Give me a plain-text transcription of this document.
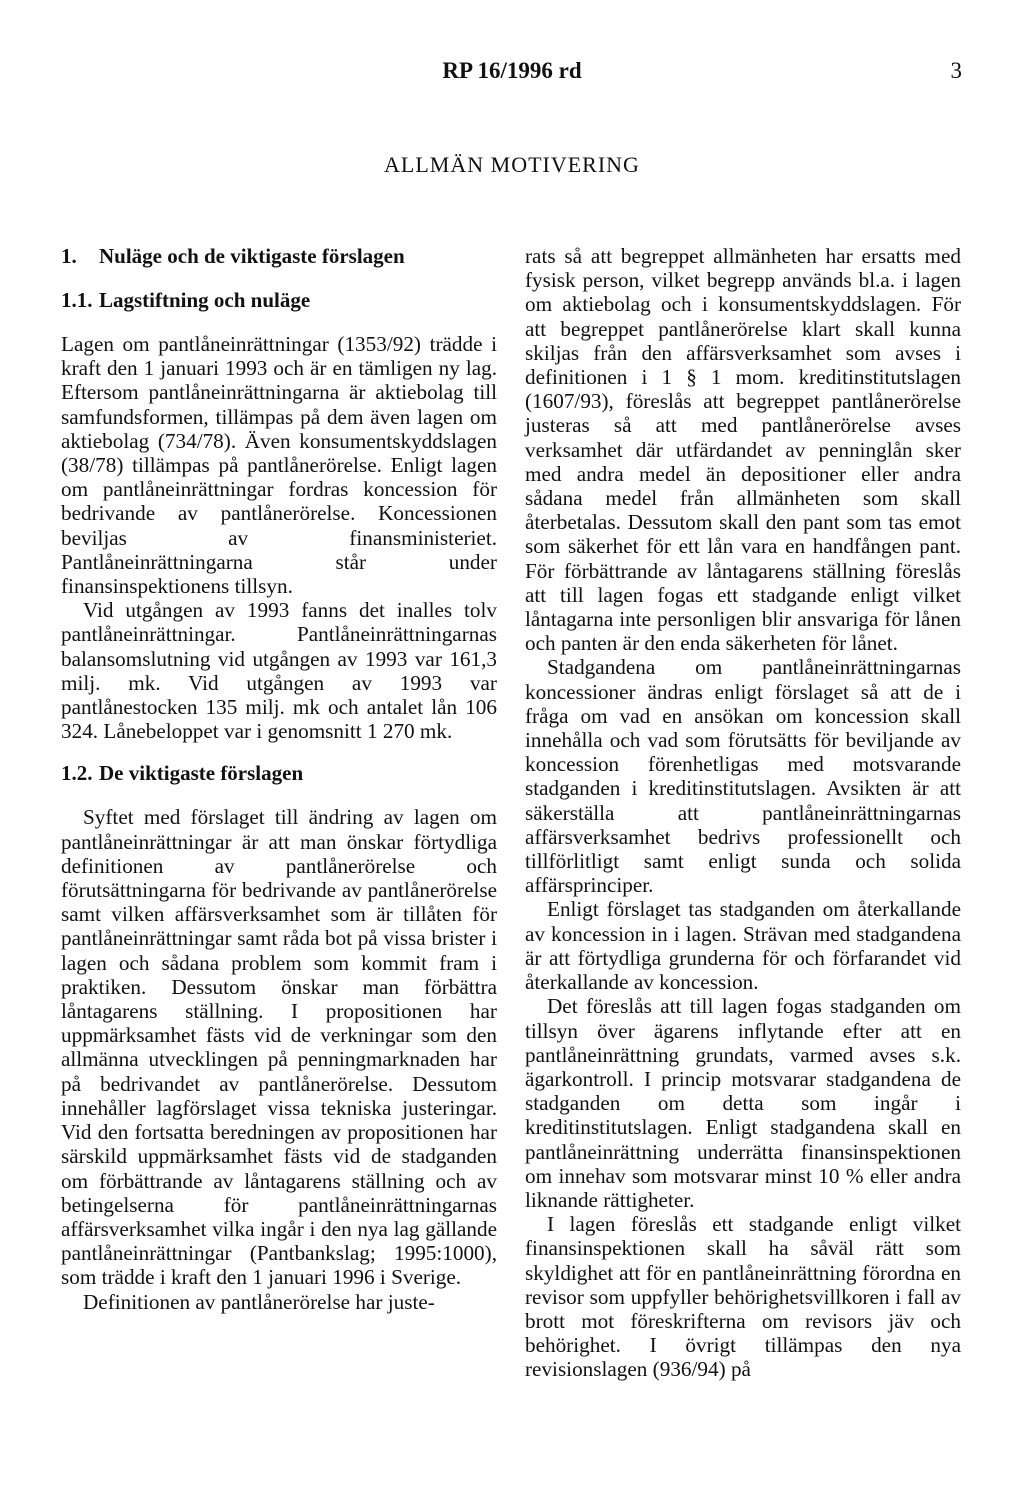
RP 16/1996 rd	3
ALLMÄN MOTIVERING
1. Nuläge och de viktigaste förslagen
1.1. Lagstiftning och nuläge

Lagen om pantlåneinrättningar (1353/92) trädde i kraft den 1 januari 1993 och är en tämligen ny lag. Eftersom pantlåneinrättningarna är aktiebolag till samfundsformen, tillämpas på dem även lagen om aktiebolag (734/78). Även konsumentskyddslagen (38/78) tillämpas på pantlånerörelse. Enligt lagen om pantlåneinrättningar fordras koncession för bedrivande av pantlånerörelse. Koncessionen beviljas av finansministeriet. Pantlåneinrättningarna står under finansinspektionens tillsyn.

Vid utgången av 1993 fanns det inalles tolv pantlåneinrättningar. Pantlåneinrättningarnas balansomslutning vid utgången av 1993 var 161,3 milj. mk. Vid utgången av 1993 var pantlånestocken 135 milj. mk och antalet lån 106 324. Lånebeloppet var i genomsnitt 1 270 mk.

1.2. De viktigaste förslagen

Syftet med förslaget till ändring av lagen om pantlåneinrättningar är att man önskar förtydliga definitionen av pantlånerörelse och förutsättningarna för bedrivande av pantlånerörelse samt vilken affärsverksamhet som är tillåten för pantlåneinrättningar samt råda bot på vissa brister i lagen och sådana problem som kommit fram i praktiken. Dessutom önskar man förbättra låntagarens ställning. I propositionen har uppmärksamhet fästs vid de verkningar som den allmänna utvecklingen på penningmarknaden har på bedrivandet av pantlånerörelse. Dessutom innehåller lagförslaget vissa tekniska justeringar. Vid den fortsatta beredningen av propositionen har särskild uppmärksamhet fästs vid de stadganden om förbättrande av låntagarens ställning och av betingelserna för pantlåneinrättningarnas affärsverksamhet vilka ingår i den nya lag gällande pantlåneinrättningar (Pantbankslag; 1995:1000), som trädde i kraft den 1 januari 1996 i Sverige.

Definitionen av pantlånerörelse har juste-

rats så att begreppet allmänheten har ersatts med fysisk person, vilket begrepp används bl.a. i lagen om aktiebolag och i konsumentskyddslagen. För att begreppet pantlånerörelse klart skall kunna skiljas från den affärsverksamhet som avses i definitionen i 1 § 1 mom. kreditinstitutslagen (1607/93), föreslås att begreppet pantlånerörelse justeras så att med pantlånerörelse avses verksamhet där utfärdandet av penninglån sker med andra medel än depositioner eller andra sådana medel från allmänheten som skall återbetalas. Dessutom skall den pant som tas emot som säkerhet för ett lån vara en handfången pant. För förbättrande av låntagarens ställning föreslås att till lagen fogas ett stadgande enligt vilket låntagarna inte personligen blir ansvariga för lånen och panten är den enda säkerheten för lånet.

Stadgandena om pantlåneinrättningarnas koncessioner ändras enligt förslaget så att de i fråga om vad en ansökan om koncession skall innehålla och vad som förutsätts för beviljande av koncession förenhetligas med motsvarande stadganden i kreditinstitutslagen. Avsikten är att säkerställa att pantlåneinrättningarnas affärsverksamhet bedrivs professionellt och tillförlitligt samt enligt sunda och solida affärsprinciper.

Enligt förslaget tas stadganden om återkallande av koncession in i lagen. Strävan med stadgandena är att förtydliga grunderna för och förfarandet vid återkallande av koncession.

Det föreslås att till lagen fogas stadganden om tillsyn över ägarens inflytande efter att en pantlåneinrättning grundats, varmed avses s.k. ägarkontroll. I princip motsvarar stadgandena de stadganden om detta som ingår i kreditinstitutslagen. Enligt stadgandena skall en pantlåneinrättning underrätta finansinspektionen om innehav som motsvarar minst 10 % eller andra liknande rättigheter.

I lagen föreslås ett stadgande enligt vilket finansinspektionen skall ha såväl rätt som skyldighet att för en pantlåneinrättning förordna en revisor som uppfyller behörighetsvillkoren i fall av brott mot föreskrifterna om revisors jäv och behörighet. I övrigt tillämpas den nya revisionslagen (936/94) på
